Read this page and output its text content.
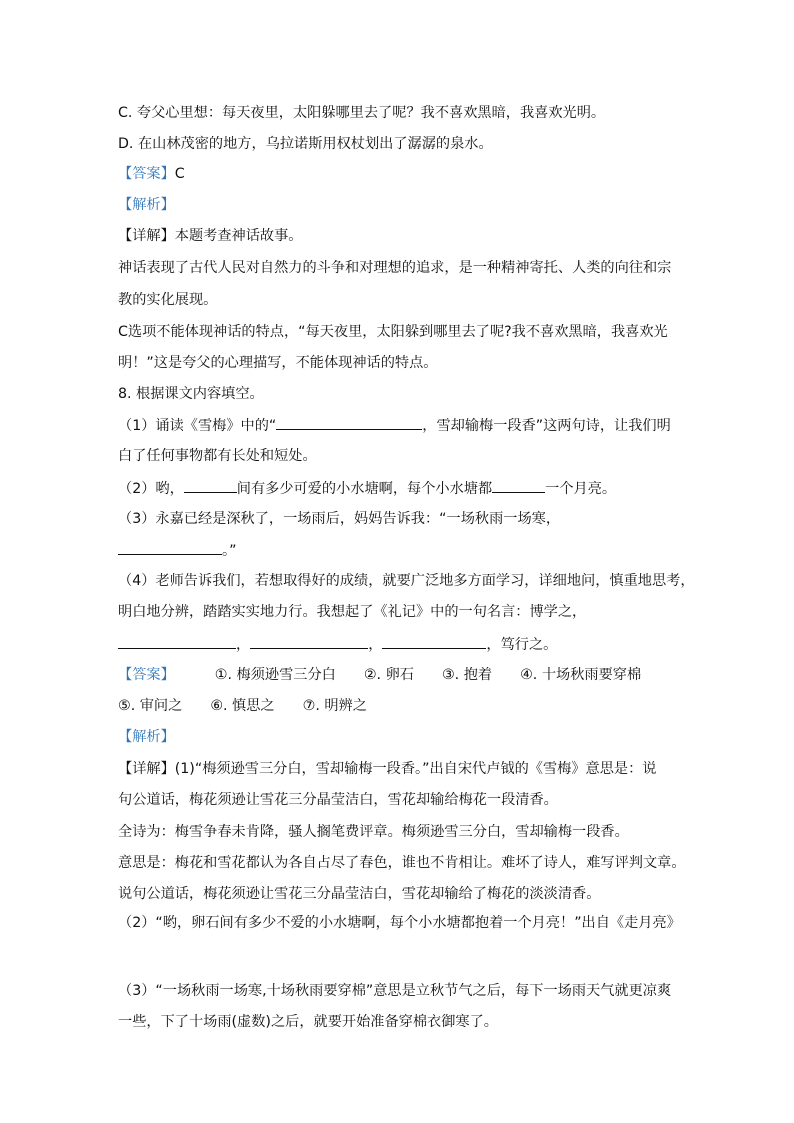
C. 夸父心里想：每天夜里，太阳躲哪里去了呢？我不喜欢黑暗，我喜欢光明。
D. 在山林茂密的地方，乌拉诺斯用权杖划出了潺潺的泉水。
【答案】C
【解析】
【详解】本题考查神话故事。
神话表现了古代人民对自然力的斗争和对理想的追求，是一种精神寄托、人类的向往和宗
教的实化展现。
C选项不能体现神话的特点，“每天夜里，太阳躲到哪里去了呢?我不喜欢黑暗，我喜欢光
明！”这是夸父的心理描写，不能体现神话的特点。
8. 根据课文内容填空。
（1）诵读《雪梅》中的“	，雪却输梅一段香”这两句诗，让我们明
白了任何事物都有长处和短处。
（2）哟，	间有多少可爱的小水塘啊，每个小水塘都	一个月亮。
（3）永嘉已经是深秋了，一场雨后，妈妈告诉我：“一场秋雨一场寒，
。”
（4）老师告诉我们，若想取得好的成绩，就要广泛地多方面学习，详细地问，慎重地思考，
明白地分辨，踏踏实实地力行。我想起了《礼记》中的一句名言：博学之，
，	，	，笃行之。
【答案】	①. 梅须逊雪三分白 ②. 卵石 ③. 抱着 ④. 十场秋雨要穿棉
⑤. 审问之 ⑥. 慎思之 ⑦. 明辨之
【解析】
【详解】(1)“梅须逊雪三分白，雪却输梅一段香。”出自宋代卢钺的《雪梅》意思是：说
句公道话，梅花须逊让雪花三分晶莹洁白，雪花却输给梅花一段清香。
全诗为：梅雪争春未肯降，骚人搁笔费评章。梅须逊雪三分白，雪却输梅一段香。
意思是：梅花和雪花都认为各自占尽了春色，谁也不肯相让。难坏了诗人，难写评判文章。
说句公道话，梅花须逊让雪花三分晶莹洁白，雪花却输给了梅花的淡淡清香。
（2）“哟，卵石间有多少不爱的小水塘啊，每个小水塘都抱着一个月亮！”出自《走月亮》
（3）“一场秋雨一场寒,十场秋雨要穿棉”意思是立秋节气之后，每下一场雨天气就更凉爽
一些，下了十场雨(虚数)之后，就要开始准备穿棉衣御寒了。
